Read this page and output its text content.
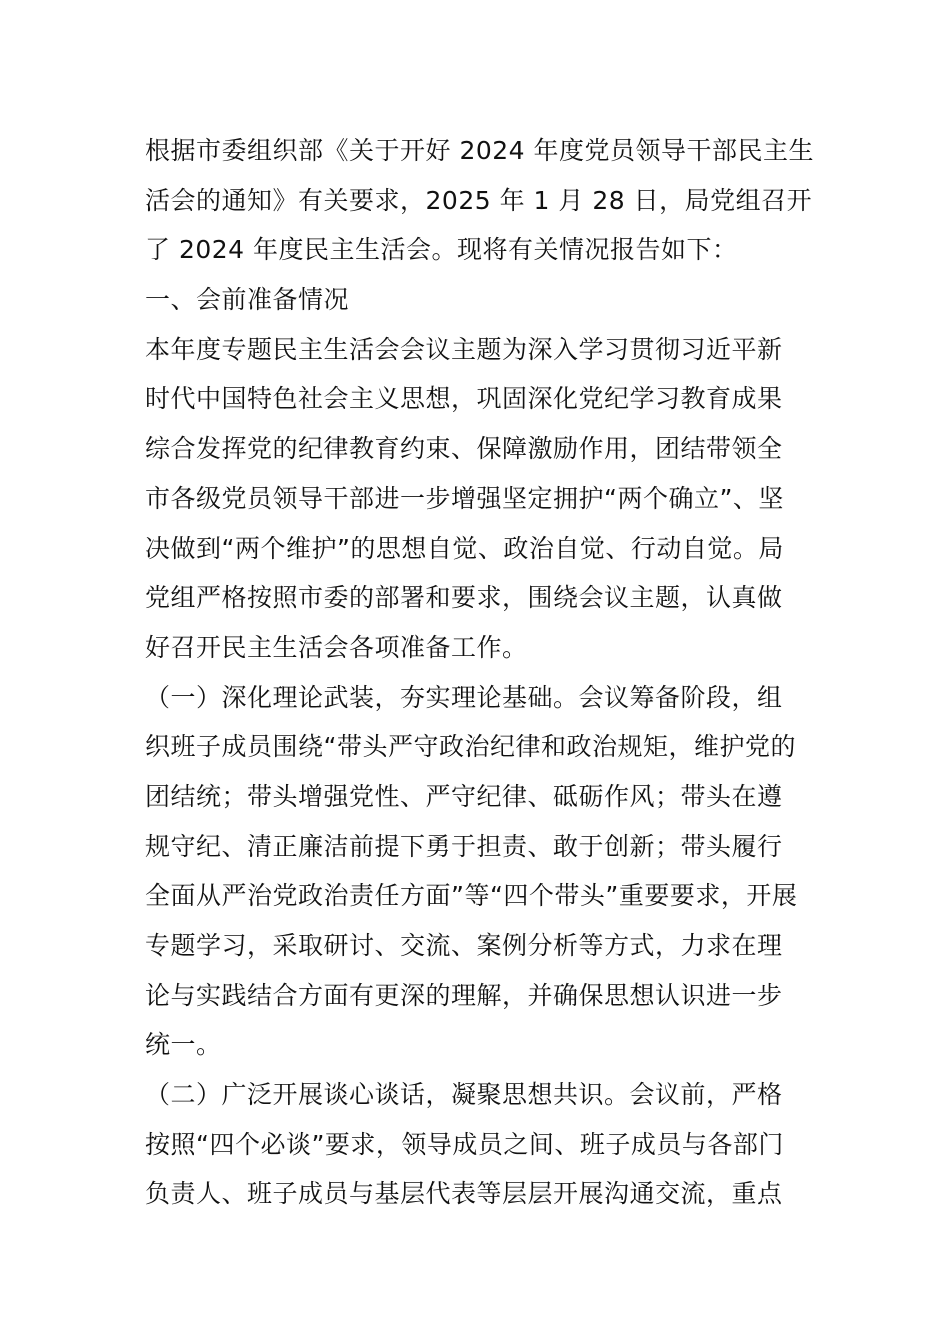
根据市委组织部《关于开好 2024 年度党员领导干部民主生
活会的通知》有关要求，2025 年 1 月 28 日，局党组召开
了 2024 年度民主生活会。现将有关情况报告如下：
一、会前准备情况
本年度专题民主生活会会议主题为深入学习贯彻习近平新
时代中国特色社会主义思想，巩固深化党纪学习教育成果
综合发挥党的纪律教育约束、保障激励作用，团结带领全
市各级党员领导干部进一步增强坚定拥护“两个确立”、坚
决做到“两个维护”的思想自觉、政治自觉、行动自觉。局
党组严格按照市委的部署和要求，围绕会议主题，认真做
好召开民主生活会各项准备工作。
（一）深化理论武装，夯实理论基础。会议筹备阶段，组
织班子成员围绕“带头严守政治纪律和政治规矩，维护党的
团结统；带头增强党性、严守纪律、砥砺作风；带头在遵
规守纪、清正廉洁前提下勇于担责、敢于创新；带头履行
全面从严治党政治责任方面”等“四个带头”重要要求，开展
专题学习，采取研讨、交流、案例分析等方式，力求在理
论与实践结合方面有更深的理解，并确保思想认识进一步
统一。
（二）广泛开展谈心谈话，凝聚思想共识。会议前，严格
按照“四个必谈”要求，领导成员之间、班子成员与各部门
负责人、班子成员与基层代表等层层开展沟通交流，重点
